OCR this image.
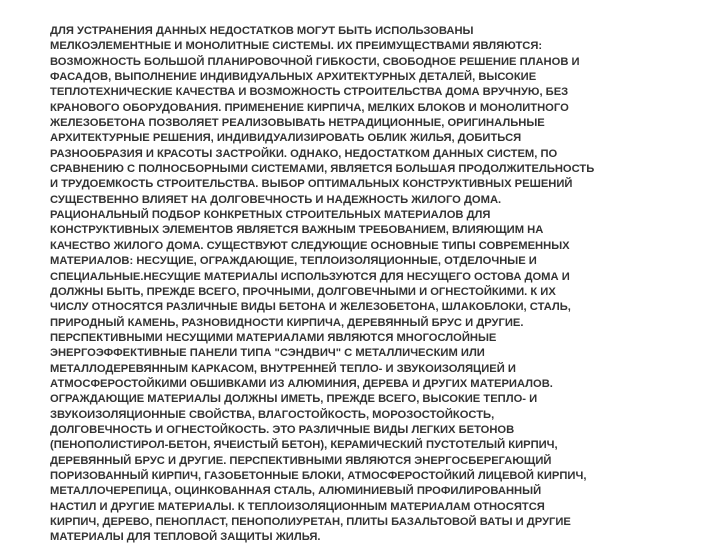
ДЛЯ УСТРАНЕНИЯ ДАННЫХ НЕДОСТАТКОВ МОГУТ БЫТЬ ИСПОЛЬЗОВАНЫ
МЕЛКОЭЛЕМЕНТНЫЕ И МОНОЛИТНЫЕ СИСТЕМЫ. ИХ ПРЕИМУЩЕСТВАМИ ЯВЛЯЮТСЯ:
ВОЗМОЖНОСТЬ БОЛЬШОЙ ПЛАНИРОВОЧНОЙ ГИБКОСТИ, СВОБОДНОЕ РЕШЕНИЕ ПЛАНОВ И
ФАСАДОВ, ВЫПОЛНЕНИЕ ИНДИВИДУАЛЬНЫХ АРХИТЕКТУРНЫХ ДЕТАЛЕЙ, ВЫСОКИЕ
ТЕПЛОТЕХНИЧЕСКИЕ КАЧЕСТВА И ВОЗМОЖНОСТЬ СТРОИТЕЛЬСТВА ДОМА ВРУЧНУЮ, БЕЗ
КРАНОВОГО ОБОРУДОВАНИЯ. ПРИМЕНЕНИЕ КИРПИЧА, МЕЛКИХ БЛОКОВ И МОНОЛИТНОГО
ЖЕЛЕЗОБЕТОНА ПОЗВОЛЯЕТ РЕАЛИЗОВЫВАТЬ НЕТРАДИЦИОННЫЕ, ОРИГИНАЛЬНЫЕ
АРХИТЕКТУРНЫЕ РЕШЕНИЯ, ИНДИВИДУАЛИЗИРОВАТЬ ОБЛИК ЖИЛЬЯ, ДОБИТЬСЯ
РАЗНООБРАЗИЯ И КРАСОТЫ ЗАСТРОЙКИ. ОДНАКО, НЕДОСТАТКОМ ДАННЫХ СИСТЕМ, ПО
СРАВНЕНИЮ С ПОЛНОСБОРНЫМИ СИСТЕМАМИ, ЯВЛЯЕТСЯ БОЛЬШАЯ ПРОДОЛЖИТЕЛЬНОСТЬ
И ТРУДОЕМКОСТЬ СТРОИТЕЛЬСТВА. ВЫБОР ОПТИМАЛЬНЫХ КОНСТРУКТИВНЫХ РЕШЕНИЙ
СУЩЕСТВЕННО ВЛИЯЕТ НА ДОЛГОВЕЧНОСТЬ И НАДЕЖНОСТЬ ЖИЛОГО ДОМА.
РАЦИОНАЛЬНЫЙ ПОДБОР КОНКРЕТНЫХ СТРОИТЕЛЬНЫХ МАТЕРИАЛОВ ДЛЯ
КОНСТРУКТИВНЫХ ЭЛЕМЕНТОВ ЯВЛЯЕТСЯ ВАЖНЫМ ТРЕБОВАНИЕМ, ВЛИЯЮЩИМ НА
КАЧЕСТВО ЖИЛОГО ДОМА. СУЩЕСТВУЮТ СЛЕДУЮЩИЕ ОСНОВНЫЕ ТИПЫ СОВРЕМЕННЫХ
МАТЕРИАЛОВ: НЕСУЩИЕ, ОГРАЖДАЮЩИЕ, ТЕПЛОИЗОЛЯЦИОННЫЕ, ОТДЕЛОЧНЫЕ И
СПЕЦИАЛЬНЫЕ.НЕСУЩИЕ МАТЕРИАЛЫ ИСПОЛЬЗУЮТСЯ ДЛЯ НЕСУЩЕГО ОСТОВА ДОМА И
ДОЛЖНЫ БЫТЬ, ПРЕЖДЕ ВСЕГО, ПРОЧНЫМИ, ДОЛГОВЕЧНЫМИ И ОГНЕСТОЙКИМИ. К ИХ
ЧИСЛУ ОТНОСЯТСЯ РАЗЛИЧНЫЕ ВИДЫ БЕТОНА И ЖЕЛЕЗОБЕТОНА, ШЛАКОБЛОКИ, СТАЛЬ,
ПРИРОДНЫЙ КАМЕНЬ, РАЗНОВИДНОСТИ КИРПИЧА, ДЕРЕВЯННЫЙ БРУС И ДРУГИЕ.
ПЕРСПЕКТИВНЫМИ НЕСУЩИМИ МАТЕРИАЛАМИ ЯВЛЯЮТСЯ МНОГОСЛОЙНЫЕ
ЭНЕРГОЭФФЕКТИВНЫЕ ПАНЕЛИ ТИПА "СЭНДВИЧ" С МЕТАЛЛИЧЕСКИМ ИЛИ
МЕТАЛЛОДЕРЕВЯННЫМ КАРКАСОМ, ВНУТРЕННЕЙ ТЕПЛО- И ЗВУКОИЗОЛЯЦИЕЙ И
АТМОСФЕРОСТОЙКИМИ ОБШИВКАМИ ИЗ АЛЮМИНИЯ, ДЕРЕВА И ДРУГИХ МАТЕРИАЛОВ.
ОГРАЖДАЮЩИЕ МАТЕРИАЛЫ ДОЛЖНЫ ИМЕТЬ, ПРЕЖДЕ ВСЕГО, ВЫСОКИЕ ТЕПЛО- И
ЗВУКОИЗОЛЯЦИОННЫЕ СВОЙСТВА, ВЛАГОСТОЙКОСТЬ, МОРОЗОСТОЙКОСТЬ,
ДОЛГОВЕЧНОСТЬ И ОГНЕСТОЙКОСТЬ. ЭТО РАЗЛИЧНЫЕ ВИДЫ ЛЕГКИХ БЕТОНОВ
(ПЕНОПОЛИСТИРОЛ-БЕТОН, ЯЧЕИСТЫЙ БЕТОН), КЕРАМИЧЕСКИЙ ПУСТОТЕЛЫЙ КИРПИЧ,
ДЕРЕВЯННЫЙ БРУС И ДРУГИЕ. ПЕРСПЕКТИВНЫМИ ЯВЛЯЮТСЯ ЭНЕРГОСБЕРЕГАЮЩИЙ
ПОРИЗОВАННЫЙ КИРПИЧ, ГАЗОБЕТОННЫЕ БЛОКИ, АТМОСФЕРОСТОЙКИЙ ЛИЦЕВОЙ КИРПИЧ,
МЕТАЛЛОЧЕРЕПИЦА, ОЦИНКОВАННАЯ СТАЛЬ, АЛЮМИНИЕВЫЙ ПРОФИЛИРОВАННЫЙ
НАСТИЛ И ДРУГИЕ МАТЕРИАЛЫ. К ТЕПЛОИЗОЛЯЦИОННЫМ МАТЕРИАЛАМ ОТНОСЯТСЯ
КИРПИЧ, ДЕРЕВО, ПЕНОПЛАСТ, ПЕНОПОЛИУРЕТАН, ПЛИТЫ БАЗАЛЬТОВОЙ ВАТЫ И ДРУГИЕ
МАТЕРИАЛЫ ДЛЯ ТЕПЛОВОЙ ЗАЩИТЫ ЖИЛЬЯ.
